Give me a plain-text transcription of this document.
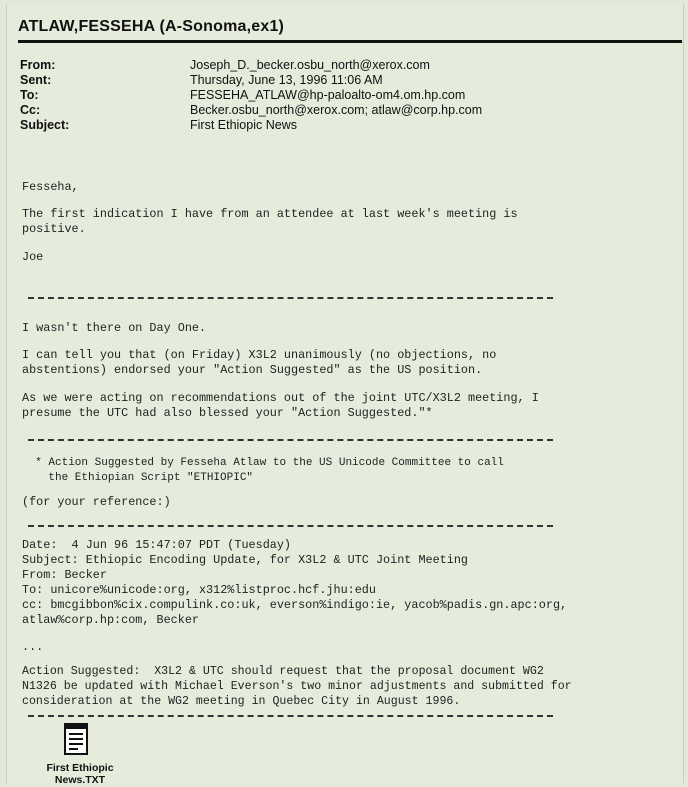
ATLAW,FESSEHA (A-Sonoma,ex1)
From:	Joseph_D._becker.osbu_north@xerox.com
Sent:	Thursday, June 13, 1996 11:06 AM
To:	FESSEHA_ATLAW@hp-paloalto-om4.om.hp.com
Cc:	Becker.osbu_north@xerox.com; atlaw@corp.hp.com
Subject:	First Ethiopic News
Fesseha,
The first indication I have from an attendee at last week's meeting is
positive.
Joe
I wasn't there on Day One.
I can tell you that (on Friday) X3L2 unanimously (no objections, no
abstentions) endorsed your "Action Suggested" as the US position.
As we were acting on recommendations out of the joint UTC/X3L2 meeting, I
presume the UTC had also blessed your "Action Suggested."*
* Action Suggested by Fesseha Atlaw to the US Unicode Committee to call
the Ethiopian Script "ETHIOPIC"
(for your reference:)
Date:  4 Jun 96 15:47:07 PDT (Tuesday)
Subject: Ethiopic Encoding Update, for X3L2 & UTC Joint Meeting
From: Becker
To: unicore%unicode:org, x312%listproc.hcf.jhu:edu
cc: bmcgibbon%cix.compulink.co:uk, everson%indigo:ie, yacob%padis.gn.apc:org,
atlaw%corp.hp:com, Becker
...
Action Suggested:  X3L2 & UTC should request that the proposal document WG2
N1326 be updated with Michael Everson's two minor adjustments and submitted for
consideration at the WG2 meeting in Quebec City in August 1996.
First Ethiopic
News.TXT
